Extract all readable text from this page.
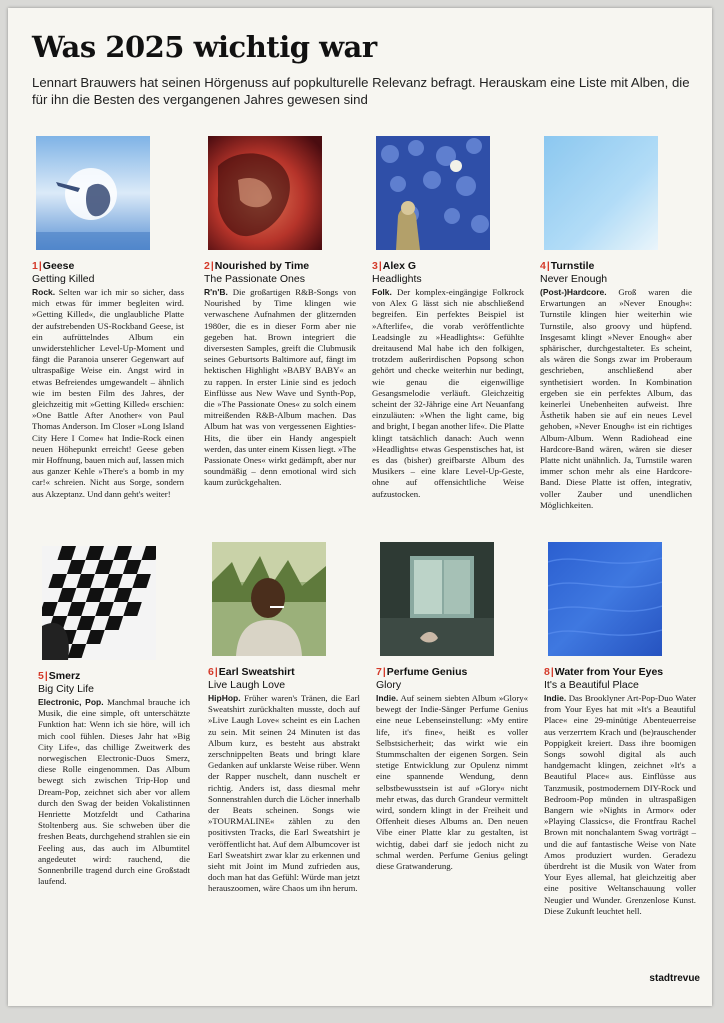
Was 2025 wichtig war

Lennart Brauwers hat seinen Hörgenuss auf popkulturelle Relevanz befragt. Herauskam eine Liste mit Alben, die für ihn die Besten des vergangenen Jahres gewesen sind

1|Geese
Getting Killed

Rock. Selten war ich mir so sicher, dass mich etwas für immer begleiten wird. »Getting Killed«, die unglaubliche Platte der aufstrebenden US-Rockband Geese, ist ein aufrüttelndes Album ein unwiderstehlicher Level-Up-Moment und fängt die Paranoia unserer Gegenwart auf ultraspaßige Weise ein. Angst wird in etwas Befreiendes umgewandelt – ähnlich wie im besten Film des Jahres, der gleichzeitig mit »Getting Killed« erschien: »One Battle After Another« von Paul Thomas Anderson. Im Closer »Long Island City Here I Come« hat Indie-Rock einen neuen Höhepunkt erreicht! Geese geben mir Hoffnung, bauen mich auf, lassen mich aus ganzer Kehle »There's a bomb in my car!« schreien. Nicht aus Sorge, sondern aus Akzeptanz. Und dann geht's weiter!

2|Nourished by Time
The Passionate Ones

R'n'B. Die großartigen R&B-Songs von Nourished by Time klingen wie verwaschene Aufnahmen der glitzernden 1980er, die es in dieser Form aber nie gegeben hat. Brown integriert die diversesten Samples, greift die Clubmusik seines Geburtsorts Baltimore auf, fängt im hektischen Highlight »BABY BABY« an zu rappen. In erster Linie sind es jedoch Einflüsse aus New Wave und Synth-Pop, die »The Passionate Ones« zu solch einem mitreißenden R&B-Album machen. Das Album hat was von vergessenen Eighties-Hits, die über ein Handy angespielt werden, das unter einem Kissen liegt. »The Passionate Ones« wirkt gedämpft, aber nur soundmäßig – denn emotional wird sich kaum zurückgehalten.

3|Alex G
Headlights

Folk. Der komplex-eingängige Folkrock von Alex G lässt sich nie abschließend begreifen. Ein perfektes Beispiel ist »Afterlife«, die vorab veröffentlichte Leadsingle zu »Headlights«: Gefühlte dreitausend Mal habe ich den folkigen, trotzdem außerirdischen Popsong schon gehört und checke weiterhin nur bedingt, wie genau die eigenwillige Gesangsmelodie verläuft. Gleichzeitig scheint der 32-Jährige eine Art Neuanfang einzuläuten: »When the light came, big and bright, I began another life«. Die Platte klingt tatsächlich danach: Auch wenn »Headlights« etwas Gespenstisches hat, ist es das (bisher) greifbarste Album des Musikers – eine klare Level-Up-Geste, ohne auf offensichtliche Weise aufzustocken.

4|Turnstile
Never Enough

(Post-)Hardcore. Groß waren die Erwartungen an »Never Enough«: Turnstile klingen hier weiterhin wie Turnstile, also groovy und hüpfend. Insgesamt klingt »Never Enough« aber sphärischer, durchgestalteter. Es scheint, als wären die Songs zwar im Proberaum geschrieben, anschließend aber synthetisiert worden. In Kombination ergeben sie ein perfektes Album, das keinerlei Unebenheiten aufweist. Ihre Ästhetik haben sie auf ein neues Level gehoben, »Never Enough« ist ein richtiges Album-Album. Wenn Radiohead eine Hardcore-Band wären, wären sie dieser Platte nicht unähnlich. Ja, Turnstile waren immer schon mehr als eine Hardcore-Band. Diese Platte ist offen, integrativ, voller Zauber und unendlichen Möglichkeiten.

5|Smerz
Big City Life

Electronic, Pop. Manchmal brauche ich Musik, die eine simple, oft unterschätzte Funktion hat: Wenn ich sie höre, will ich mich cool fühlen. Dieses Jahr hat »Big City Life«, das chillige Zweitwerk des norwegischen Electronic-Duos Smerz, diese Rolle eingenommen. Das Album bewegt sich zwischen Trip-Hop und Dream-Pop, zeichnet sich aber vor allem durch den Swag der beiden Vokalistinnen Henriette Motzfeldt und Catharina Stoltenberg aus. Sie schweben über die freshen Beats, durchgehend strahlen sie ein Feeling aus, das auch im Albumtitel angedeutet wird: rauchend, die Sonnenbrille tragend durch eine Großstadt laufend.

6|Earl Sweatshirt
Live Laugh Love

HipHop. Früher waren's Tränen, die Earl Sweatshirt zurückhalten musste, doch auf »Live Laugh Love« scheint es ein Lachen zu sein. Mit seinen 24 Minuten ist das Album kurz, es besteht aus abstrakt zerschnippelten Beats und bringt klare Gedanken auf unklarste Weise rüber. Wenn der Rapper nuschelt, dann nuschelt er richtig. Anders ist, dass diesmal mehr Sonnenstrahlen durch die Löcher innerhalb der Beats scheinen. Songs wie »TOURMALINE« zählen zu den positivsten Tracks, die Earl Sweatshirt je veröffentlicht hat. Auf dem Albumcover ist Earl Sweatshirt zwar klar zu erkennen und sieht mit Joint im Mund zufrieden aus, doch man hat das Gefühl: Würde man jetzt herauszoomen, wäre Chaos um ihn herum.

7|Perfume Genius
Glory

Indie. Auf seinem siebten Album »Glory« bewegt der Indie-Sänger Perfume Genius eine neue Lebenseinstellung: »My entire life, it's fine«, heißt es voller Selbstsicherheit; das wirkt wie ein Stummschalten der eigenen Sorgen. Sein stetige Entwicklung zur Opulenz nimmt eine spannende Wendung, denn selbstbewusstsein ist auf »Glory« nicht mehr etwas, das durch Grandeur vermittelt wird, sondern klingt in der Freiheit und Offenheit dieses Albums an. Den neuen Vibe einer Platte klar zu gestalten, ist wichtig, dabei darf sie jedoch nicht zu schmal werden. Perfume Genius gelingt diese Gratwanderung.

8|Water from Your Eyes
It's a Beautiful Place

Indie. Das Brooklyner Art-Pop-Duo Water from Your Eyes hat mit »It's a Beautiful Place« eine 29-minütige Abenteuerreise aus verzerrtem Krach und (be)rauschender Poppigkeit kreiert. Dass ihre boomigen Songs sowohl digital als auch handgemacht klingen, zeichnet »It's a Beautiful Place« aus. Einflüsse aus Tanzmusik, postmodernem DIY-Rock und Bedroom-Pop münden in ultraspaßigen Bangern wie »Nights in Armor« oder »Playing Classics«, die Frontfrau Rachel Brown mit nonchalantem Swag vorträgt – und die auf fantastische Weise von Nate Amos produziert wurden. Geradezu überdreht ist die Musik von Water from Your Eyes allemal, hat gleichzeitig aber eine positive Weltanschauung voller Neugier und Wunder. Grenzenlose Kunst. Diese Zukunft leuchtet hell.

stadtrevue
